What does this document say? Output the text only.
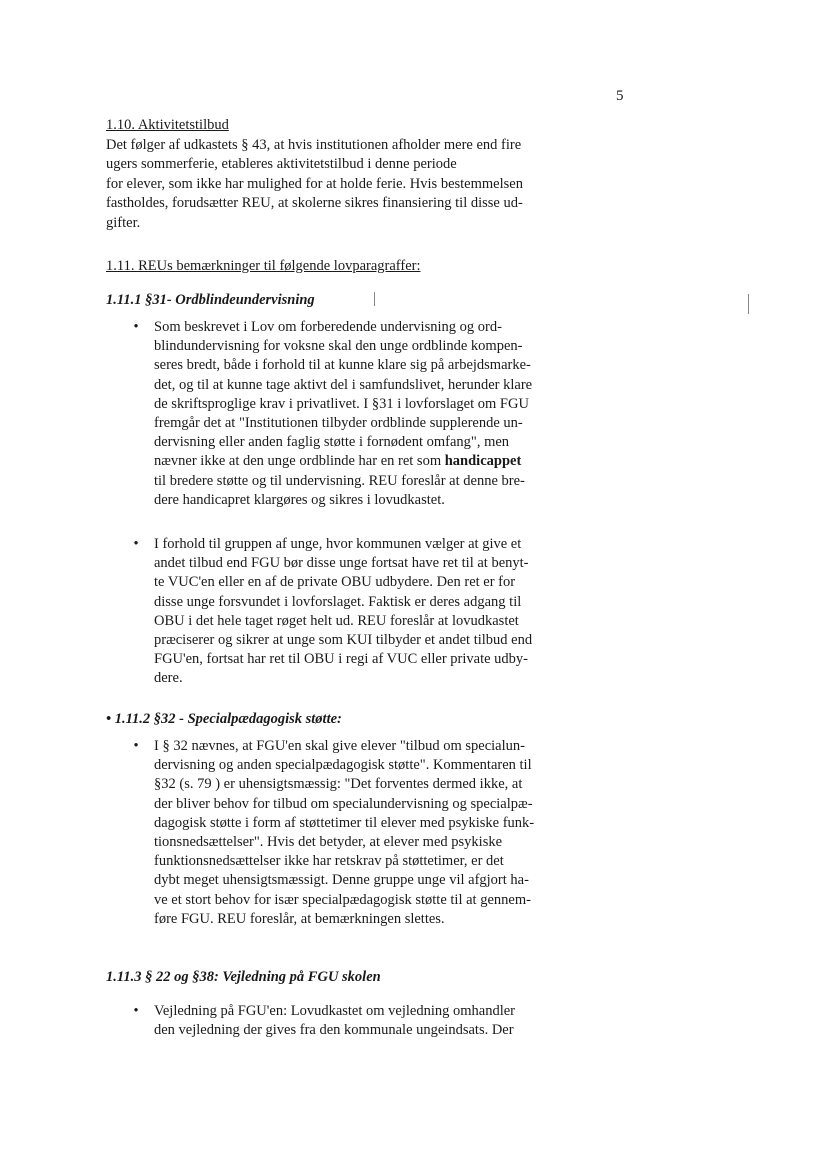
5
1.10. Aktivitetstilbud
Det følger af udkastets § 43, at hvis institutionen afholder mere end fire
ugers sommerferie, etableres aktivitetstilbud i denne periode
for elever, som ikke har mulighed for at holde ferie. Hvis bestemmelsen
fastholdes, forudsætter REU, at skolerne sikres finansiering til disse ud-
gifter.
1.11. REUs bemærkninger til følgende lovparagraffer:
1.11.1 §31- Ordblindeundervisning
•	Som beskrevet i Lov om forberedende undervisning og ord-
blindundervisning for voksne skal den unge ordblinde kompen-
seres bredt, både i forhold til at kunne klare sig på arbejdsmarke-
det, og til at kunne tage aktivt del i samfundslivet, herunder klare
de skriftsproglige krav i privatlivet. I §31 i lovforslaget om FGU
fremgår det at "Institutionen tilbyder ordblinde supplerende un-
dervisning eller anden faglig støtte i fornødent omfang", men
nævner ikke at den unge ordblinde har en ret som handicappet
til bredere støtte og til undervisning. REU foreslår at denne bre-
dere handicapret klargøres og sikres i lovudkastet.
•	I forhold til gruppen af unge, hvor kommunen vælger at give et
andet tilbud end FGU bør disse unge fortsat have ret til at benyt-
te VUC'en eller en af de private OBU udbydere. Den ret er for
disse unge forsvundet i lovforslaget. Faktisk er deres adgang til
OBU i det hele taget røget helt ud. REU foreslår at lovudkastet
præciserer og sikrer at unge som KUI tilbyder et andet tilbud end
FGU'en, fortsat har ret til OBU i regi af VUC eller private udby-
dere.
• 1.11.2 §32 - Specialpædagogisk støtte:
•	I § 32 nævnes, at FGU'en skal give elever "tilbud om specialun-
dervisning og anden specialpædagogisk støtte". Kommentaren til
§32 (s. 79 ) er uhensigtsmæssig: "Det forventes dermed ikke, at
der bliver behov for tilbud om specialundervisning og specialpæ-
dagogisk støtte i form af støttetimer til elever med psykiske funk-
tionsnedsættelser". Hvis det betyder, at elever med psykiske
funktionsnedsættelser ikke har retskrav på støttetimer, er det
dybt meget uhensigtsmæssigt. Denne gruppe unge vil afgjort ha-
ve et stort behov for især specialpædagogisk støtte til at gennem-
føre FGU. REU foreslår, at bemærkningen slettes.
1.11.3 § 22 og §38: Vejledning på FGU skolen
•	Vejledning på FGU'en: Lovudkastet om vejledning omhandler
den vejledning der gives fra den kommunale ungeindsats. Der
